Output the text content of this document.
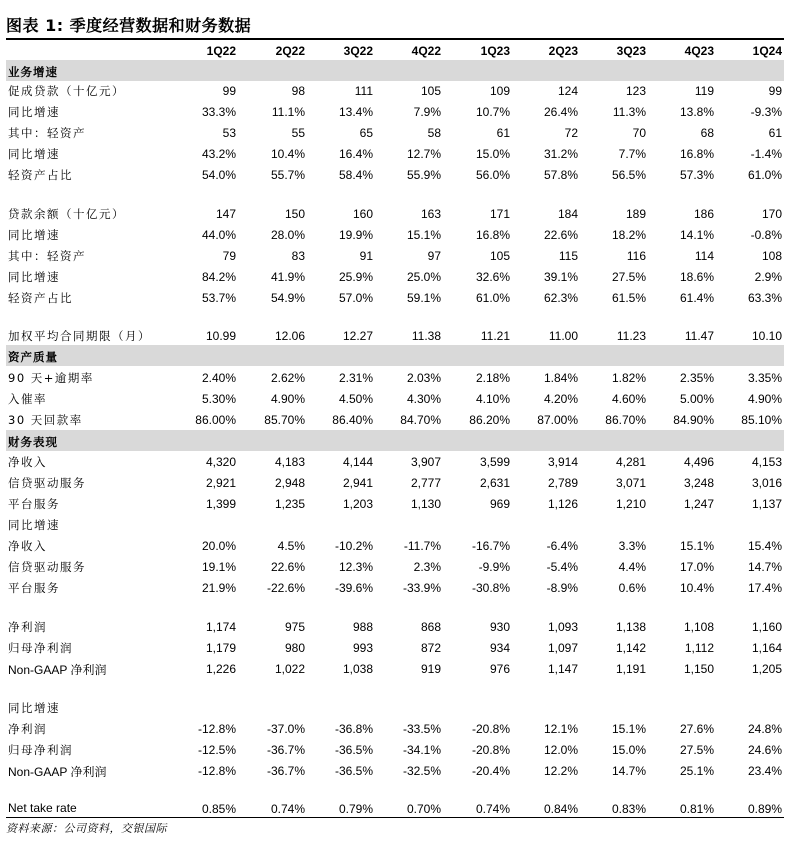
图表 1: 季度经营数据和财务数据
1Q22	2Q22	3Q22	4Q22	1Q23	2Q23	3Q23	4Q23	1Q24
业务增速
促成贷款（十亿元）	99	98	111	105	109	124	123	119	99
同比增速	33.3%	11.1%	13.4%	7.9%	10.7%	26.4%	11.3%	13.8%	-9.3%
其中：轻资产	53	55	65	58	61	72	70	68	61
同比增速	43.2%	10.4%	16.4%	12.7%	15.0%	31.2%	7.7%	16.8%	-1.4%
轻资产占比	54.0%	55.7%	58.4%	55.9%	56.0%	57.8%	56.5%	57.3%	61.0%
贷款余额（十亿元）	147	150	160	163	171	184	189	186	170
同比增速	44.0%	28.0%	19.9%	15.1%	16.8%	22.6%	18.2%	14.1%	-0.8%
其中：轻资产	79	83	91	97	105	115	116	114	108
同比增速	84.2%	41.9%	25.9%	25.0%	32.6%	39.1%	27.5%	18.6%	2.9%
轻资产占比	53.7%	54.9%	57.0%	59.1%	61.0%	62.3%	61.5%	61.4%	63.3%
加权平均合同期限（月）	10.99	12.06	12.27	11.38	11.21	11.00	11.23	11.47	10.10
资产质量
90 天+逾期率	2.40%	2.62%	2.31%	2.03%	2.18%	1.84%	1.82%	2.35%	3.35%
入催率	5.30%	4.90%	4.50%	4.30%	4.10%	4.20%	4.60%	5.00%	4.90%
30 天回款率	86.00%	85.70%	86.40%	84.70%	86.20%	87.00%	86.70%	84.90%	85.10%
财务表现
净收入	4,320	4,183	4,144	3,907	3,599	3,914	4,281	4,496	4,153
信贷驱动服务	2,921	2,948	2,941	2,777	2,631	2,789	3,071	3,248	3,016
平台服务	1,399	1,235	1,203	1,130	969	1,126	1,210	1,247	1,137
同比增速
净收入	20.0%	4.5%	-10.2%	-11.7%	-16.7%	-6.4%	3.3%	15.1%	15.4%
信贷驱动服务	19.1%	22.6%	12.3%	2.3%	-9.9%	-5.4%	4.4%	17.0%	14.7%
平台服务	21.9%	-22.6%	-39.6%	-33.9%	-30.8%	-8.9%	0.6%	10.4%	17.4%
净利润	1,174	975	988	868	930	1,093	1,138	1,108	1,160
归母净利润	1,179	980	993	872	934	1,097	1,142	1,112	1,164
Non-GAAP 净利润	1,226	1,022	1,038	919	976	1,147	1,191	1,150	1,205
同比增速
净利润	-12.8%	-37.0%	-36.8%	-33.5%	-20.8%	12.1%	15.1%	27.6%	24.8%
归母净利润	-12.5%	-36.7%	-36.5%	-34.1%	-20.8%	12.0%	15.0%	27.5%	24.6%
Non-GAAP 净利润	-12.8%	-36.7%	-36.5%	-32.5%	-20.4%	12.2%	14.7%	25.1%	23.4%
Net take rate	0.85%	0.74%	0.79%	0.70%	0.74%	0.84%	0.83%	0.81%	0.89%
资料来源：公司资料，交银国际
